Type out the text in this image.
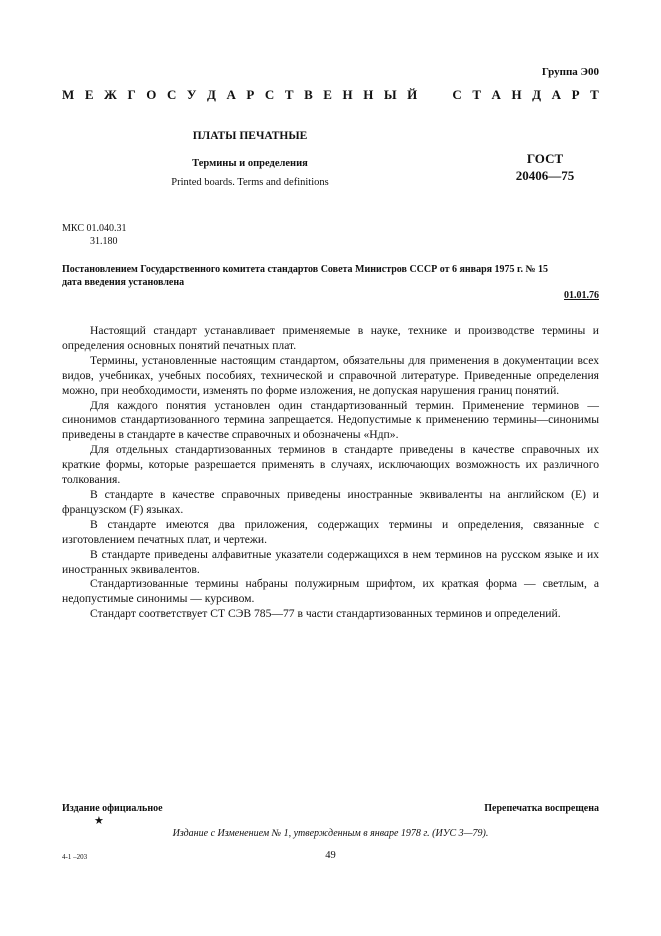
Группа Э00
М Е Ж Г О С У Д А Р С Т В Е Н Н Ы Й	С Т А Н Д А Р Т
ПЛАТЫ ПЕЧАТНЫЕ
Термины и определения
Printed boards. Terms and definitions
ГОСТ
20406—75
МКС 01.040.31
31.180
Постановлением Государственного комитета стандартов Совета Министров СССР от 6 января 1975 г. № 15
дата введения установлена
01.01.76

Настоящий стандарт устанавливает применяемые в науке, технике и производстве термины и определения основных понятий печатных плат.

Термины, установленные настоящим стандартом, обязательны для применения в документации всех видов, учебниках, учебных пособиях, технической и справочной литературе. Приведенные определения можно, при необходимости, изменять по форме изложения, не допуская нарушения границ понятий.

Для каждого понятия установлен один стандартизованный термин. Применение терминов — синонимов стандартизованного термина запрещается. Недопустимые к применению термины—синонимы приведены в стандарте в качестве справочных и обозначены «Ндп».

Для отдельных стандартизованных терминов в стандарте приведены в качестве справочных их краткие формы, которые разрешается применять в случаях, исключающих возможность их различного толкования.

В стандарте в качестве справочных приведены иностранные эквиваленты на английском (E) и французском (F) языках.

В стандарте имеются два приложения, содержащих термины и определения, связанные с изготовлением печатных плат, и чертежи.

В стандарте приведены алфавитные указатели содержащихся в нем терминов на русском языке и их иностранных эквивалентов.

Стандартизованные термины набраны полужирным шрифтом, их краткая форма — светлым, а недопустимые синонимы — курсивом.

Стандарт соответствует СТ СЭВ 785—77 в части стандартизованных терминов и определений.

Издание официальное	Перепечатка воспрещена
★
Издание с Изменением № 1, утвержденным в январе 1978 г. (ИУС 3—79).
4-1 –203	49
